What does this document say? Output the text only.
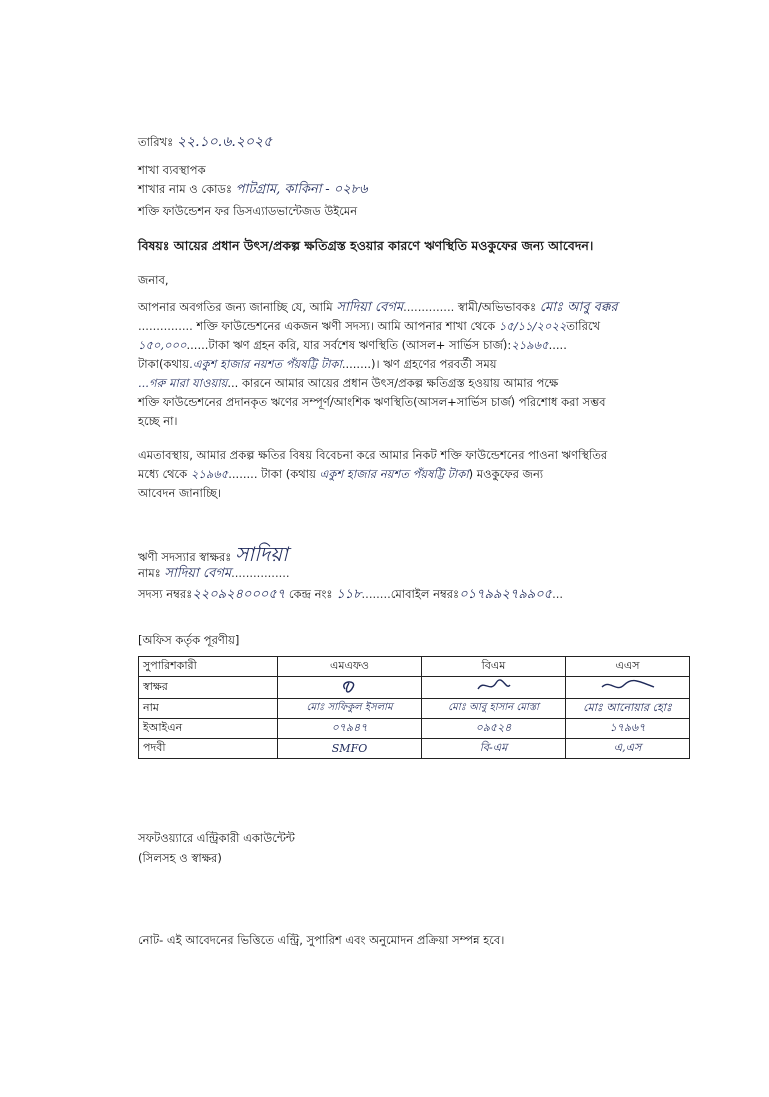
তারিখঃ ২২.১০.৬.২০২৫
শাখা ব্যবস্থাপক
শাখার নাম ও কোডঃ পাটগ্রাম, কাকিনা - ০২৮৬
শক্তি ফাউন্ডেশন ফর ডিসএ্যাডভান্টেজড উইমেন
বিষয়ঃ আয়ের প্রধান উৎস/প্রকল্প ক্ষতিগ্রস্ত হওয়ার কারণে ঋণস্থিতি মওকুফের জন্য আবেদন।
জনাব,
আপনার অবগতির জন্য জানাচ্ছি যে, আমি সাদিয়া বেগম.............. স্বামী/অভিভাবকঃ মোঃ আবু বক্কর
............... শক্তি ফাউন্ডেশনের একজন ঋণী সদস্য। আমি আপনার শাখা থেকে ১৫/১১/২০২২তারিখে
১৫০,০০০......টাকা ঋণ গ্রহন করি, যার সর্বশেষ ঋণস্থিতি (আসল+ সার্ভিস চার্জ):২১৯৬৫.....
টাকা(কথায়.একুশ হাজার নয়শত পঁয়ষট্টি টাকা........)। ঋণ গ্রহণের পরবর্তী সময়
...গরু মারা যাওয়ায়... কারনে আমার আয়ের প্রধান উৎস/প্রকল্প ক্ষতিগ্রস্ত হওয়ায় আমার পক্ষে
শক্তি ফাউন্ডেশনের প্রদানকৃত ঋণের সম্পূর্ণ/আংশিক ঋণস্থিতি(আসল+সার্ভিস চার্জ) পরিশোধ করা সম্ভব
হচ্ছে না।
এমতাবস্থায়, আমার প্রকল্প ক্ষতির বিষয় বিবেচনা করে আমার নিকট শক্তি ফাউন্ডেশনের পাওনা ঋণস্থিতির
মধ্যে থেকে ২১৯৬৫........ টাকা (কথায় একুশ হাজার নয়শত পঁয়ষট্টি টাকা) মওকুফের জন্য
আবেদন জানাচ্ছি।
ঋণী সদস্যার স্বাক্ষরঃ সাদিয়া
নামঃ সাদিয়া বেগম................
সদস্য নম্বরঃ২২০৯২৪০০০৫৭ কেন্দ্র নংঃ ১১৮........মোবাইল নম্বরঃ০১৭৯৯২৭৯৯০৫...
[অফিস কর্তৃক পূরণীয়]
সুপারিশকারী	এমএফও	বিএম	এএস
স্বাক্ষর			
নাম	মোঃ সাফিকুল ইসলাম	মোঃ আবু হাসান মোস্তা	মোঃ আনোয়ার হোঃ
ইআইএন	০৭৯৪৭	০৯৫২৪	১৭৯৬৭
পদবী	SMFO	বি-এম	এ,এস
সফটওয়্যারে এন্ট্রিকারী একাউন্টেন্ট
(সিলসহ ও স্বাক্ষর)
নোট- এই আবেদনের ভিত্তিতে এন্ট্রি, সুপারিশ এবং অনুমোদন প্রক্রিয়া সম্পন্ন হবে।
